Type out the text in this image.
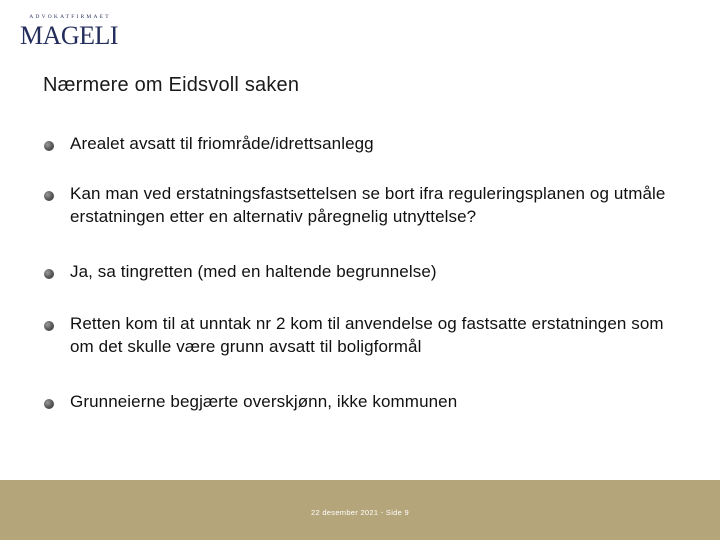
ADVOKATFIRMAET
MAGELI
Nærmere om Eidsvoll saken
Arealet avsatt til friområde/idrettsanlegg
Kan man ved erstatningsfastsettelsen se bort ifra reguleringsplanen og utmåle erstatningen etter en alternativ påregnelig utnyttelse?
Ja, sa tingretten (med en haltende begrunnelse)
Retten kom til at unntak nr 2 kom til anvendelse og fastsatte erstatningen som om det skulle være grunn avsatt til boligformål
Grunneierne begjærte overskjønn, ikke kommunen
22 desember 2021 - Side 9
